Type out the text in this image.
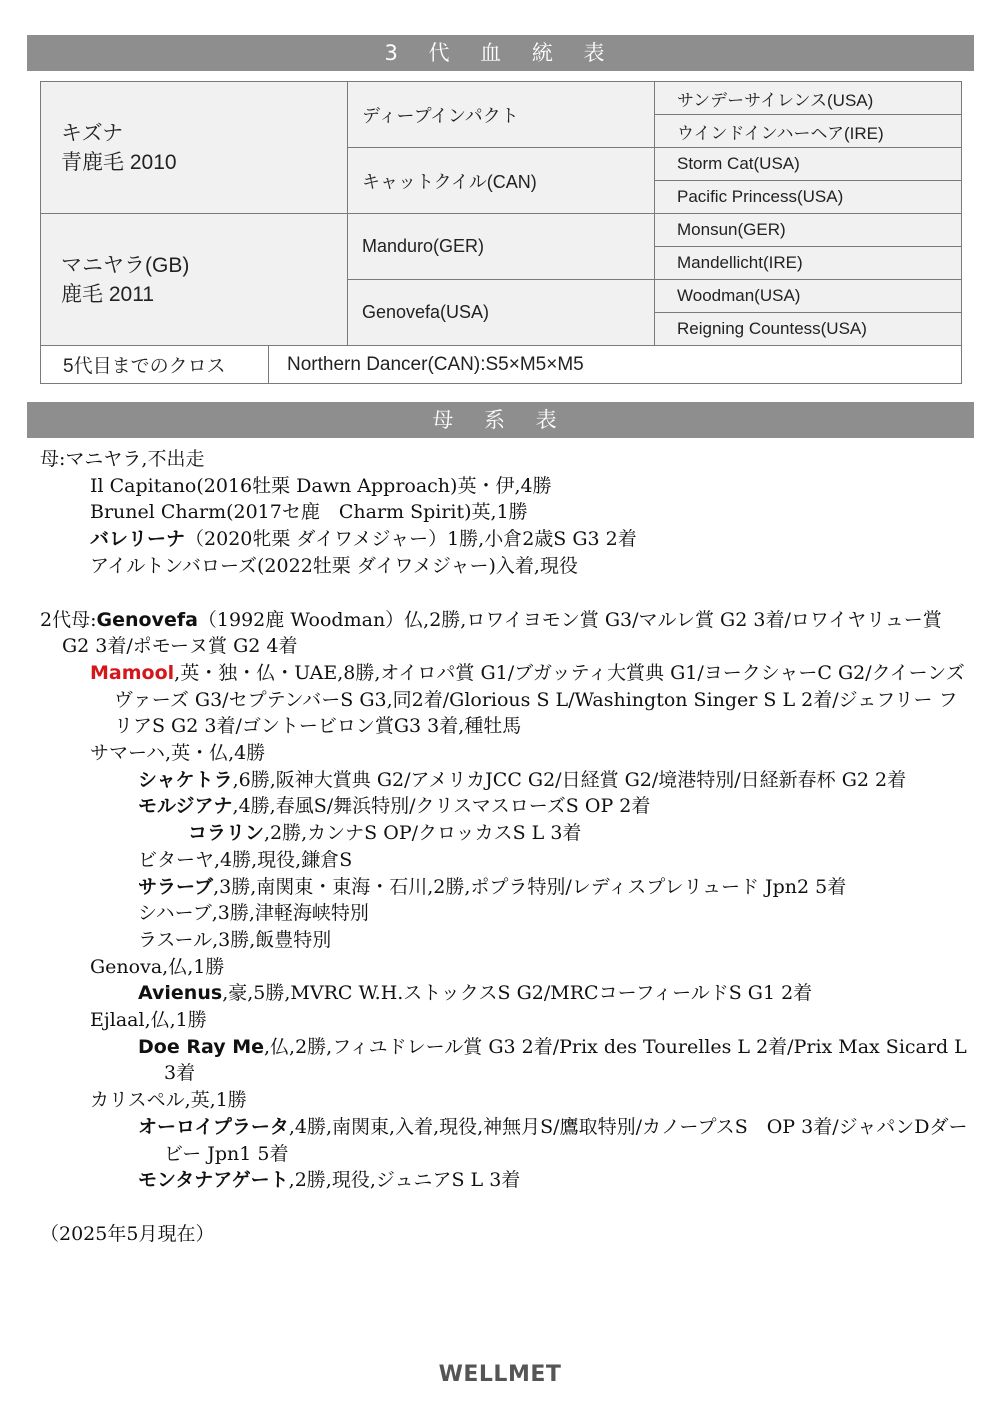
3 代 血 統 表
キズナ
青鹿毛 2010		ディープインパクト	サンデーサイレンス(USA)
			ウインドインハーヘア(IRE)
		キャットクイル(CAN)	Storm Cat(USA)
			Pacific Princess(USA)

マニヤラ(GB)
鹿毛 2011		Manduro(GER)	Monsun(GER)
			Mandellicht(IRE)
		Genovefa(USA)	Woodman(USA)
			Reigning Countess(USA)
5代目までのクロス	Northern Dancer(CAN):S5×M5×M5		
母 系 表
母:マニヤラ,不出走
Il Capitano(2016牡栗 Dawn Approach)英・伊,4勝
Brunel Charm(2017セ鹿　Charm Spirit)英,1勝
バレリーナ（2020牝栗 ダイワメジャー）1勝,小倉2歳S G3 2着
アイルトンバローズ(2022牡栗 ダイワメジャー)入着,現役
2代母:Genovefa（1992鹿 Woodman）仏,2勝,ロワイヨモン賞 G3/マルレ賞 G2 3着/ロワイヤリュー賞 G2 3着/ポモーヌ賞 G2 4着
Mamool,英・独・仏・UAE,8勝,オイロパ賞 G1/ブガッティ大賞典 G1/ヨークシャーC G2/クイーンズヴァーズ G3/セプテンバーS G3,同2着/Glorious S L/Washington Singer S L 2着/ジェフリー フリアS G2 3着/ゴントービロン賞G3 3着,種牡馬
サマーハ,英・仏,4勝
シャケトラ,6勝,阪神大賞典 G2/アメリカJCC G2/日経賞 G2/境港特別/日経新春杯 G2 2着
モルジアナ,4勝,春風S/舞浜特別/クリスマスローズS OP 2着
コラリン,2勝,カンナS OP/クロッカスS L 3着
ビターヤ,4勝,現役,鎌倉S
サラーブ,3勝,南関東・東海・石川,2勝,ポプラ特別/レディスプレリュード Jpn2 5着
シハーブ,3勝,津軽海峡特別
ラスール,3勝,飯豊特別
Genova,仏,1勝
Avienus,豪,5勝,MVRC W.H.ストックスS G2/MRCコーフィールドS G1 2着
Ejlaal,仏,1勝
Doe Ray Me,仏,2勝,フィユドレール賞 G3 2着/Prix des Tourelles L 2着/Prix Max Sicard L 3着
カリスペル,英,1勝
オーロイプラータ,4勝,南関東,入着,現役,神無月S/鷹取特別/カノープスS　OP 3着/ジャパンDダービー Jpn1 5着
モンタナアゲート,2勝,現役,ジュニアS L 3着
（2025年5月現在）
WELLMET
